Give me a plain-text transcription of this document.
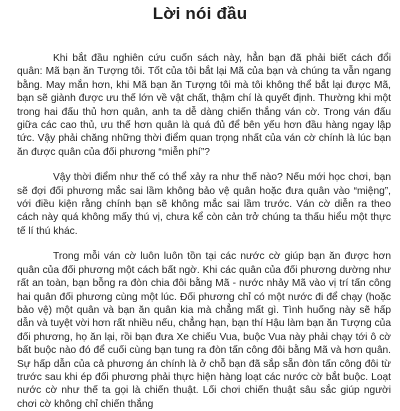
Lời nói đầu

Khi bắt đầu nghiên cứu cuốn sách này, hẳn bạn đã phải biết cách đổi quân: Mã bạn ăn Tượng tôi. Tốt của tôi bắt lại Mã của bạn và chúng ta vẫn ngang bằng. May mắn hơn, khi Mã bạn ăn Tượng tôi mà tôi không thể bắt lại được Mã, bạn sẽ giành được ưu thế lớn về vật chất, thậm chí là quyết định. Thường khi một trong hai đấu thủ hơn quân, anh ta dễ dàng chiến thắng ván cờ. Trong ván đấu giữa các cao thủ, ưu thế hơn quân là quá đủ để bên yếu hơn đầu hàng ngay lập tức. Vậy phải chăng những thời điểm quan trọng nhất của ván cờ chính là lúc bạn ăn được quân của đối phương “miễn phí”?

Vậy thời điểm như thế có thể xảy ra như thế nào? Nếu mới học chơi, bạn sẽ đợi đối phương mắc sai lầm không bảo vệ quân hoặc đưa quân vào “miệng”, với điều kiện rằng chính bạn sẽ không mắc sai lầm trước. Ván cờ diễn ra theo cách này quá không mấy thú vị, chưa kể còn cản trở chúng ta thấu hiểu một thực tế lí thú khác.

Trong mỗi ván cờ luôn luôn tồn tại các nước cờ giúp bạn ăn được hơn quân của đối phương một cách bất ngờ. Khi các quân của đối phương dường như rất an toàn, bạn bỗng ra đòn chia đôi bằng Mã - nước nhảy Mã vào vị trí tấn công hai quân đối phương cùng một lúc. Đối phương chỉ có một nước đi để chạy (hoặc bảo vệ) một quân và bạn ăn quân kia mà chẳng mất gì. Tình huống này sẽ hấp dẫn và tuyệt vời hơn rất nhiều nếu, chẳng hạn, bạn thí Hậu làm bạn ăn Tượng của đối phương, họ ăn lại, rồi bạn đưa Xe chiếu Vua, buộc Vua này phải chạy tới ô cờ bất buộc nào đó để cuối cùng bạn tung ra đòn tấn công đôi bằng Mã và hơn quân. Sự hấp dẫn của cả phương án chính là ở chỗ bạn đã sắp sẵn đòn tấn công đôi từ trước sau khi ép đối phương phải thực hiện hàng loạt các nước cờ bắt buộc. Loạt nước cờ như thế ta gọi là chiến thuật. Lối chơi chiến thuật sâu sắc giúp người chơi cờ không chỉ chiến thắng
